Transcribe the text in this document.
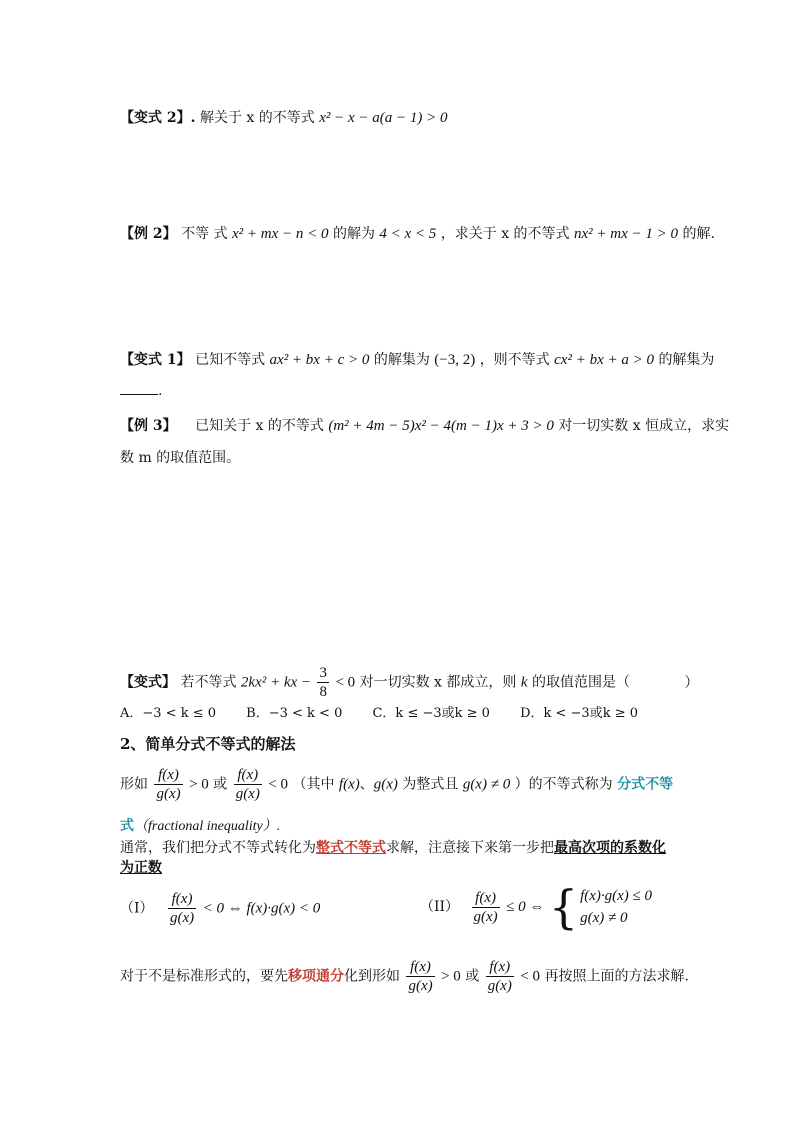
【变式 2】. 解关于 x 的不等式 x² − x − a(a − 1) > 0
【例 2】 不等 式 x² + mx − n < 0 的解为 4 < x < 5 ，求关于 x 的不等式 nx² + mx − 1 > 0 的解.
【变式 1】 已知不等式 ax² + bx + c > 0 的解集为 (−3, 2) ，则不等式 cx² + bx + a > 0 的解集为
.
【例 3】 已知关于 x 的不等式 (m² + 4m − 5)x² − 4(m − 1)x + 3 > 0 对一切实数 x 恒成立，求实
数 m 的取值范围。
【变式】 若不等式 2kx² + kx − $\frac{3}{8} < 0$ 对一切实数 x 都成立，则 k 的取值范围是（	）
A．−3 < k ≤ 0 B．−3 < k < 0 C．k ≤ −3或k ≥ 0 D．k < −3或k ≥ 0
2、简单分式不等式的解法
形如 $\frac{f(x)}{g(x)} > 0$ 或 $\frac{f(x)}{g(x)} < 0$ （其中 f(x)、g(x) 为整式且 g(x) ≠ 0 ）的不等式称为 分式不等
式（fractional inequality）.
通常，我们把分式不等式转化为整式不等式求解，注意接下来第一步把最高次项的系数化
为正数
$(I) \frac{f(x)}{g(x)} < 0$ ⇔ f(x)·g(x) < 0	$(II) \frac{f(x)}{g(x)} \le 0$ ⇔ { f(x)·g(x) ≤ 0
g(x) ≠ 0
对于不是标准形式的，要先移项通分化到形如 $\frac{f(x)}{g(x)} > 0$ 或 $\frac{f(x)}{g(x)} < 0$ 再按照上面的方法求解.
